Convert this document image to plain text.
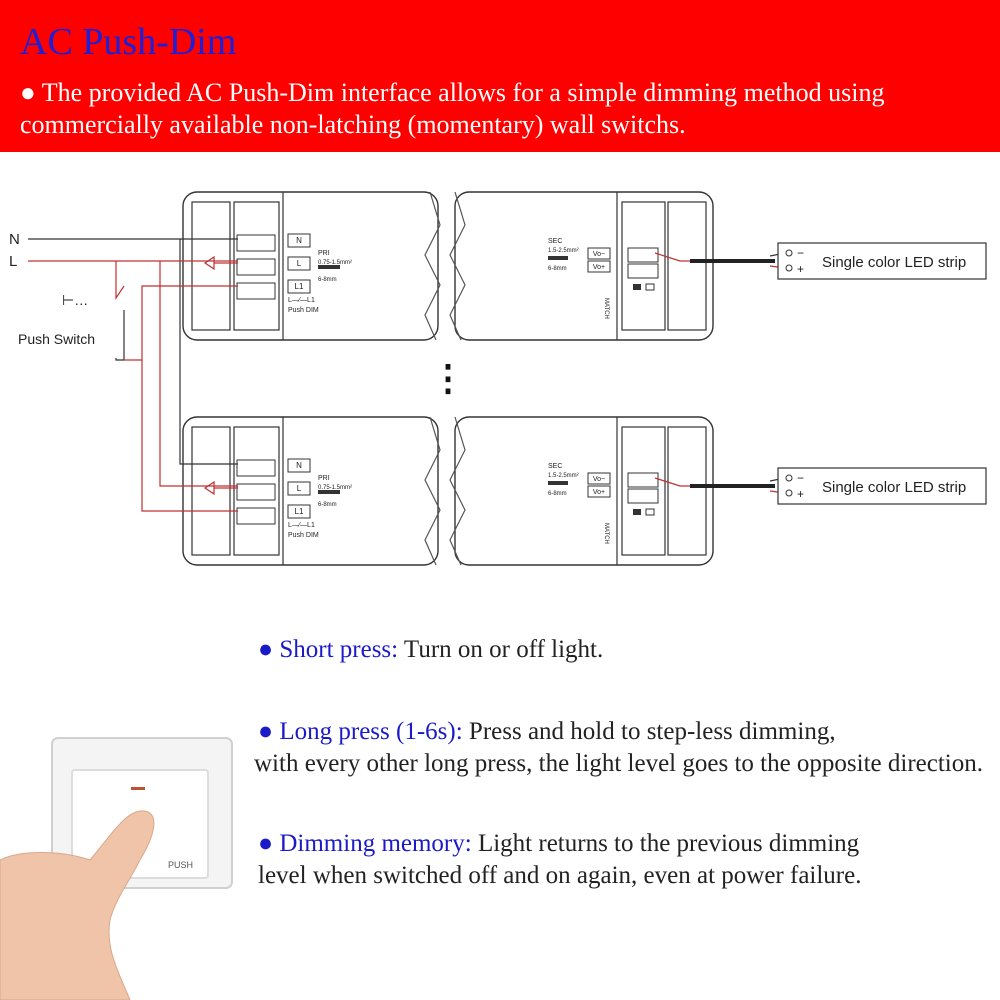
AC Push-Dim
● The provided AC Push-Dim interface allows for a simple dimming method using commercially available non-latching (momentary) wall switchs.
N
L
L1
PRI
0.75-1.5mm²
6-8mm
L—⁄—L1
Push DIM
SEC
1.5-2.5mm²
6-8mm
Vo−
Vo+
MATCH
N
L
L1
PRI
0.75-1.5mm²
6-8mm
L—⁄—L1
Push DIM
SEC
1.5-2.5mm²
6-8mm
Vo−
Vo+
MATCH
N
L
⊢…
Push Switch
−
+ Single color LED strip
−
+ Single color LED strip
⋮
● Short press: Turn on or off light.
● Long press (1-6s): Press and hold to step-less dimming,
with every other long press, the light level goes to the opposite direction.
● Dimming memory: Light returns to the previous dimming
level when switched off and on again, even at power failure.
PUSH
